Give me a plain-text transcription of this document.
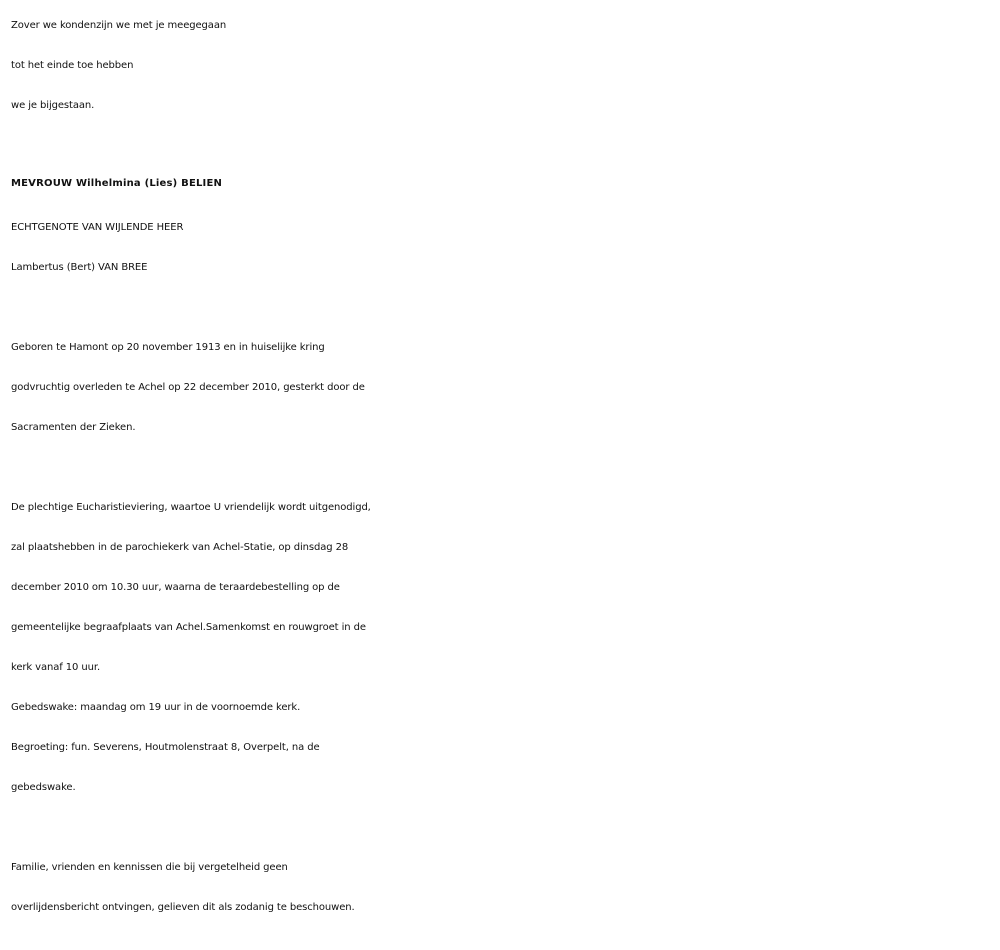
Zover we kondenzijn we met je meegegaan
tot het einde toe hebben
we je bijgestaan.
MEVROUW Wilhelmina (Lies) BELIEN
ECHTGENOTE VAN WIJLENDE HEER
Lambertus (Bert) VAN BREE
Geboren te Hamont op 20 november 1913 en in huiselijke kring
godvruchtig overleden te Achel op 22 december 2010, gesterkt door de
Sacramenten der Zieken.
De plechtige Eucharistieviering, waartoe U vriendelijk wordt uitgenodigd,
zal plaatshebben in de parochiekerk van Achel-Statie, op dinsdag 28
december 2010 om 10.30 uur, waarna de teraardebestelling op de
gemeentelijke begraafplaats van Achel.Samenkomst en rouwgroet in de
kerk vanaf 10 uur.
Gebedswake: maandag om 19 uur in de voornoemde kerk.
Begroeting: fun. Severens, Houtmolenstraat 8, Overpelt, na de
gebedswake.
Familie, vrienden en kennissen die bij vergetelheid geen
overlijdensbericht ontvingen, gelieven dit als zodanig te beschouwen.
